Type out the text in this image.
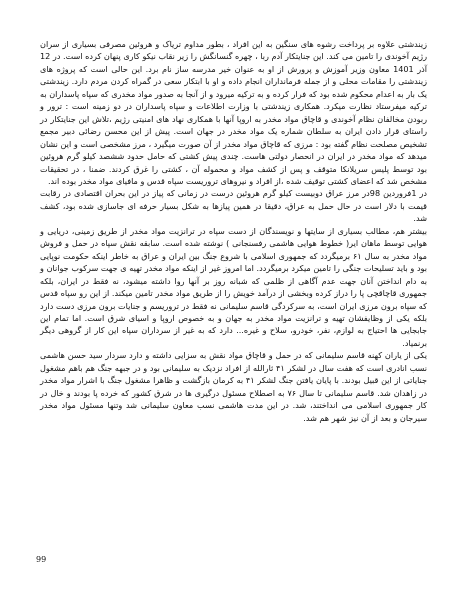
زیندشتی علاوه بر پرداخت رشوه های سنگین به این افراد ، بطور مداوم تریاک و هروئین مصرفی بسیاری از سران رژیم آخوندی را تامین می کند. این جنایتکار آدم ربا ، چهره گنسانگش را زیر نقاب نیکو کاری پنهان کرده است. در 12 آذر 1401 معاون وزیر آموزش و پرورش از او به عنوان خیر مدرسه ساز نام برد. این حالی است که پروژه های زیندشتی را مقامات محلی و از جمله فرمانداران انجام داده و او با ابتکار سعی در گمراه کردن مردم دارد. زیندشتی یک بار به اعدام محکوم شده بود که فرار کرده و به ترکیه میرود و از آنجا به صدور مواد مخدری که سپاه پاسداران به ترکیه میفرستاد نظارت میکرد. همکاری زیندشتی با وزارت اطلاعات و سپاه پاسداران در دو زمینه است : ترور و ربودن مخالفان نظام آخوندی و قاچاق مواد مخدر به اروپا آنها با همکاری نهاد های امنیتی رژیم ،تلاش این جنایتکار در راستای قرار دادن ایران به سلطان شماره یک مواد مخدر در جهان است. پیش از این محسن رضائی دبیر مجمع تشخیص مصلحت نظام گفته بود : مرزی که قاچاق مواد مخدر از آن صورت میگیرد ، مرز مشخصی است و این نشان میدهد که مواد مخدر در ایران در انحصار دولتی هاست. چندی پیش کشتی که حامل حدود ششصد کیلو گرم هروئین بود توسط پلیس سریلانکا متوقف و پس از کشف مواد و محموله آن ، کشتی را غرق کردند. ضمنا ، در تحقیقات مشخص شد که اعضای کشتی توقیف شده ،از افراد و نیروهای تروریست سپاه قدس و مافیای مواد مخدر بوده اند.

در 1فروردین 98در مرز عراق دوبیست کیلو گرم هروئین درست در زمانی که پیاز در این بحران اقتصادی در رقابت قیمت با دلار است در حال حمل به عراق، دقیقا در همین پیازها به شکل بسیار حرفه ای جاسازی شده بود، کشف شد.

بیشتر هم، مطالب بسیاری از سایتها و نویسندگان از دست سپاه در ترانزیت مواد مخدر از طریق زمینی، دریایی و هوایی توسط ماهان ایر( خطوط هوایی هاشمی رفسنجانی ) نوشته شده است. سابقه نقش سپاه در حمل و فروش مواد مخدر به سال ۶۱ برمیگردد که جمهوری اسلامی با شروع جنگ بین ایران و عراق به خاطر اینکه حکومت نوپایی بود و باید تسلیحات جنگی را تامین میکرد برمیگردد. اما امروز غیر از اینکه مواد مخدر تهیه ی جهت سرکوب جوانان و به دام انداختن آنان جهت عدم آگاهی از ظلمی که شبانه روز بر آنها روا داشته میشود، نه فقط در ایران، بلکه جمهوری قاچاقچی پا را دراز کرده وبخشی از درآمد خویش را از طریق مواد مخدر تامین میکند. از این رو سپاه قدس که سپاه برون مرزی ایران است، به سرکردگی قاسم سلیمانی نه فقط در تروریسم و جنایات برون مرزی دست دارد بلکه یکی از وظایفشان تهیه و ترانزیت مواد مخدر به جهان و به خصوص اروپا و اسیای شرق است. اما تمام این جابجایی ها احتیاج به لوازم، نفر، خودرو، سلاح و غیره... دارد که به غیر از سرداران سپاه این کار از گروهی دیگر برنمیاد.

یکی از یاران کهنه قاسم سلیمانی که در حمل و قاچاق مواد نقش به سزایی داشته و دارد سردار سید حسن هاشمی نسب انادری است که هفت سال در لشکر ۴۱ ثارالله از افراد نزدیک به سلیمانی بود و در جبهه جنگ هم باهم مشغول جنایاتی از این قبیل بودند. با پایان یافتن جنگ لشکر ۴۱ به کرمان بازگشت و ظاهرا مشغول جنگ با اشرار مواد مخدر در زاهدان شد. قاسم سلیمانی تا سال ۷۶ به اصطلاح مسئول درگیری ها در شرق کشور که خرده پا بودند و خال در کار جمهوری اسلامی می انداختند، شد. در این مدت هاشمی نسب معاون سلیمانی شد وتنها مسئول مواد مخدر سیرجان و بعد از آن نیز شهر هم شد.

99
